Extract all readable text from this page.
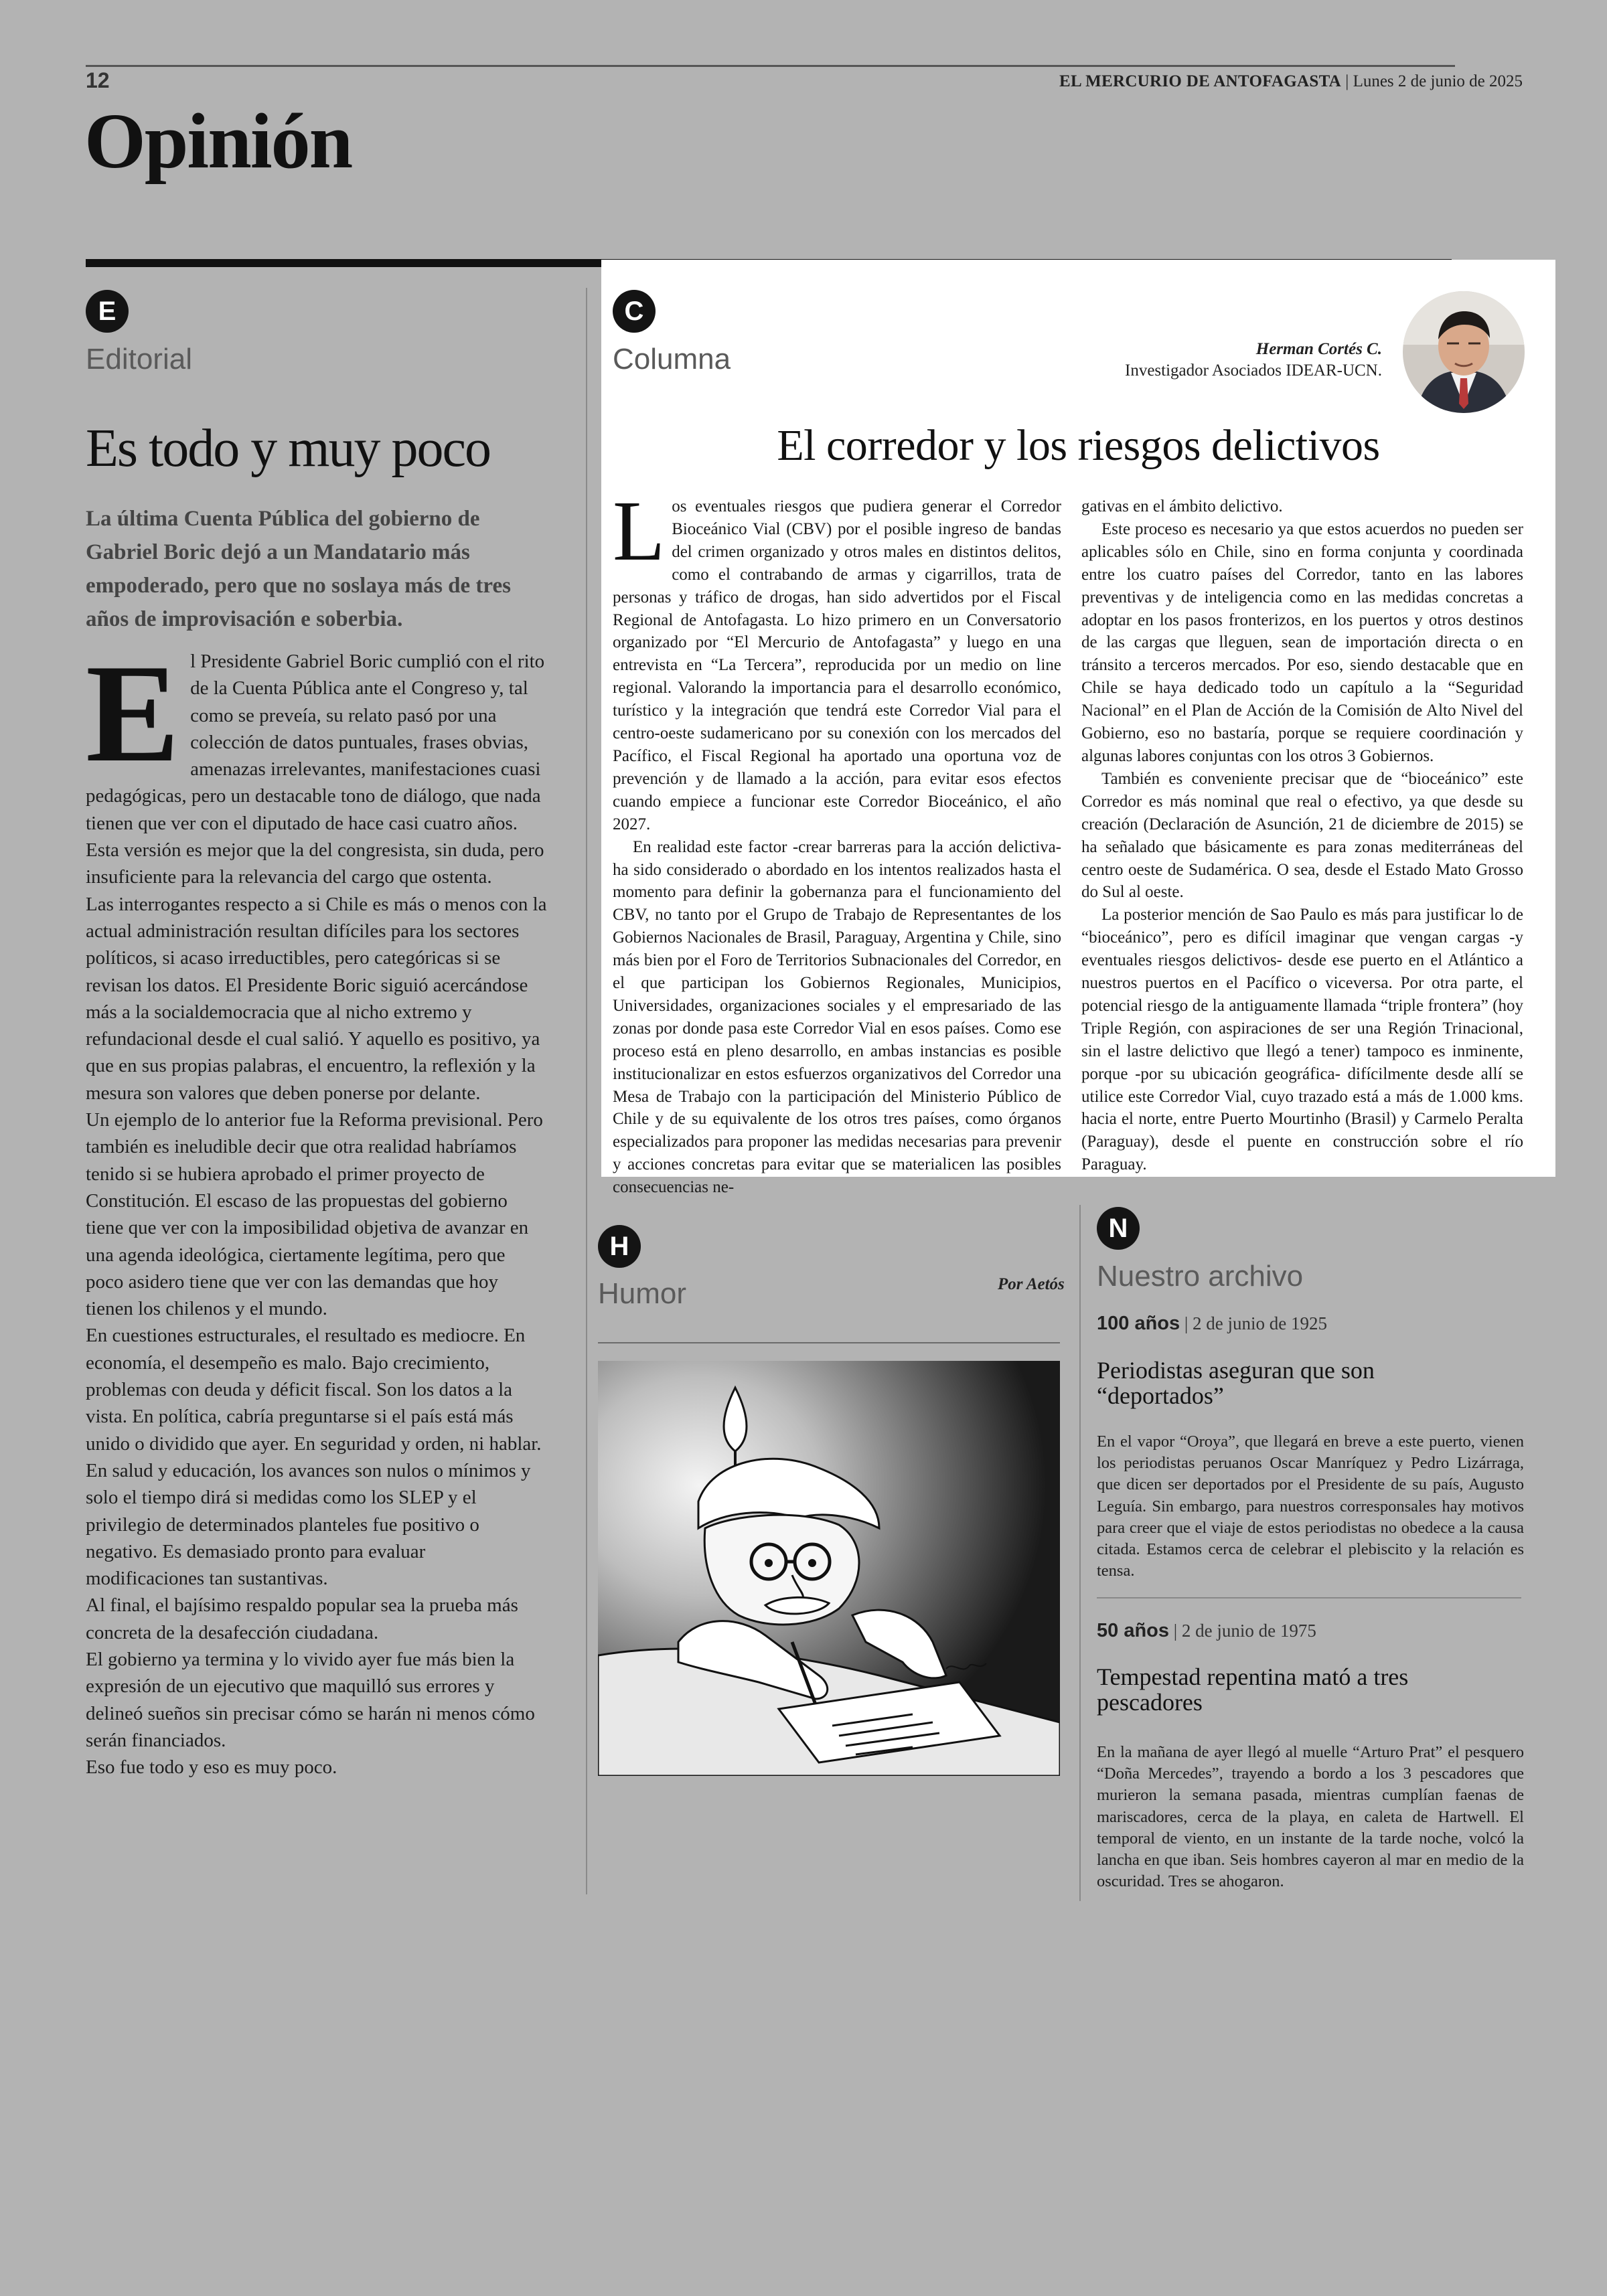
12	EL MERCURIO DE ANTOFAGASTA | Lunes 2 de junio de 2025
Opinión
E
Editorial
Es todo y muy poco
La última Cuenta Pública del gobierno de Gabriel Boric dejó a un Mandatario más empoderado, pero que no soslaya más de tres años de improvisación e soberbia.

El Presidente Gabriel Boric cumplió con el rito de la Cuenta Pública ante el Congreso y, tal como se preveía, su relato pasó por una colección de datos puntuales, frases obvias, amenazas irrelevantes, manifestaciones cuasi pedagógicas, pero un destacable tono de diálogo, que nada tienen que ver con el diputado de hace casi cuatro años.

Esta versión es mejor que la del congresista, sin duda, pero insuficiente para la relevancia del cargo que ostenta.

Las interrogantes respecto a si Chile es más o menos con la actual administración resultan difíciles para los sectores políticos, si acaso irreductibles, pero categóricas si se revisan los datos. El Presidente Boric siguió acercándose más a la socialdemocracia que al nicho extremo y refundacional desde el cual salió. Y aquello es positivo, ya que en sus propias palabras, el encuentro, la reflexión y la mesura son valores que deben ponerse por delante.

Un ejemplo de lo anterior fue la Reforma previsional. Pero también es ineludible decir que otra realidad habríamos tenido si se hubiera aprobado el primer proyecto de Constitución. El escaso de las propuestas del gobierno tiene que ver con la imposibilidad objetiva de avanzar en una agenda ideológica, ciertamente legítima, pero que poco asidero tiene que ver con las demandas que hoy tienen los chilenos y el mundo.

En cuestiones estructurales, el resultado es mediocre. En economía, el desempeño es malo. Bajo crecimiento, problemas con deuda y déficit fiscal. Son los datos a la vista. En política, cabría preguntarse si el país está más unido o dividido que ayer. En seguridad y orden, ni hablar. En salud y educación, los avances son nulos o mínimos y solo el tiempo dirá si medidas como los SLEP y el privilegio de determinados planteles fue positivo o negativo. Es demasiado pronto para evaluar modificaciones tan sustantivas.

Al final, el bajísimo respaldo popular sea la prueba más concreta de la desafección ciudadana.

El gobierno ya termina y lo vivido ayer fue más bien la expresión de un ejecutivo que maquilló sus errores y delineó sueños sin precisar cómo se harán ni menos cómo serán financiados.

Eso fue todo y eso es muy poco.

C
Columna	Herman Cortés C.
Investigador Asociados IDEAR-UCN.
El corredor y los riesgos delictivos

Los eventuales riesgos que pudiera generar el Corredor Bioceánico Vial (CBV) por el posible ingreso de bandas del crimen organizado y otros males en distintos delitos, como el contrabando de armas y cigarrillos, trata de personas y tráfico de drogas, han sido advertidos por el Fiscal Regional de Antofagasta. Lo hizo primero en un Conversatorio organizado por “El Mercurio de Antofagasta” y luego en una entrevista en “La Tercera”, reproducida por un medio on line regional. Valorando la importancia para el desarrollo económico, turístico y la integración que tendrá este Corredor Vial para el centro-oeste sudamericano por su conexión con los mercados del Pacífico, el Fiscal Regional ha aportado una oportuna voz de prevención y de llamado a la acción, para evitar esos efectos cuando empiece a funcionar este Corredor Bioceánico, el año 2027.

En realidad este factor -crear barreras para la acción delictiva- ha sido considerado o abordado en los intentos realizados hasta el momento para definir la gobernanza para el funcionamiento del CBV, no tanto por el Grupo de Trabajo de Representantes de los Gobiernos Nacionales de Brasil, Paraguay, Argentina y Chile, sino más bien por el Foro de Territorios Subnacionales del Corredor, en el que participan los Gobiernos Regionales, Municipios, Universidades, organizaciones sociales y el empresariado de las zonas por donde pasa este Corredor Vial en esos países. Como ese proceso está en pleno desarrollo, en ambas instancias es posible institucionalizar en estos esfuerzos organizativos del Corredor una Mesa de Trabajo con la participación del Ministerio Público de Chile y de su equivalente de los otros tres países, como órganos especializados para proponer las medidas necesarias para prevenir y acciones concretas para evitar que se materialicen las posibles consecuencias ne-

gativas en el ámbito delictivo.

Este proceso es necesario ya que estos acuerdos no pueden ser aplicables sólo en Chile, sino en forma conjunta y coordinada entre los cuatro países del Corredor, tanto en las labores preventivas y de inteligencia como en las medidas concretas a adoptar en los pasos fronterizos, en los puertos y otros destinos de las cargas que lleguen, sean de importación directa o en tránsito a terceros mercados. Por eso, siendo destacable que en Chile se haya dedicado todo un capítulo a la “Seguridad Nacional” en el Plan de Acción de la Comisión de Alto Nivel del Gobierno, eso no bastaría, porque se requiere coordinación y algunas labores conjuntas con los otros 3 Gobiernos.

También es conveniente precisar que de “bioceánico” este Corredor es más nominal que real o efectivo, ya que desde su creación (Declaración de Asunción, 21 de diciembre de 2015) se ha señalado que básicamente es para zonas mediterráneas del centro oeste de Sudamérica. O sea, desde el Estado Mato Grosso do Sul al oeste.

La posterior mención de Sao Paulo es más para justificar lo de “bioceánico”, pero es difícil imaginar que vengan cargas -y eventuales riesgos delictivos- desde ese puerto en el Atlántico a nuestros puertos en el Pacífico o viceversa. Por otra parte, el potencial riesgo de la antiguamente llamada “triple frontera” (hoy Triple Región, con aspiraciones de ser una Región Trinacional, sin el lastre delictivo que llegó a tener) tampoco es inminente, porque -por su ubicación geográfica- difícilmente desde allí se utilice este Corredor Vial, cuyo trazado está a más de 1.000 kms. hacia el norte, entre Puerto Mourtinho (Brasil) y Carmelo Peralta (Paraguay), desde el puente en construcción sobre el río Paraguay.

H
Humor	Por Aetós
N
Nuestro archivo
100 años | 2 de junio de 1925
Periodistas aseguran que son “deportados”
En el vapor “Oroya”, que llegará en breve a este puerto, vienen los periodistas peruanos Oscar Manríquez y Pedro Lizárraga, que dicen ser deportados por el Presidente de su país, Augusto Leguía. Sin embargo, para nuestros corresponsales hay motivos para creer que el viaje de estos periodistas no obedece a la causa citada. Estamos cerca de celebrar el plebiscito y la relación es tensa.
50 años | 2 de junio de 1975
Tempestad repentina mató a tres pescadores
En la mañana de ayer llegó al muelle “Arturo Prat” el pesquero “Doña Mercedes”, trayendo a bordo a los 3 pescadores que murieron la semana pasada, mientras cumplían faenas de mariscadores, cerca de la playa, en caleta de Hartwell. El temporal de viento, en un instante de la tarde noche, volcó la lancha en que iban. Seis hombres cayeron al mar en medio de la oscuridad. Tres se ahogaron.
